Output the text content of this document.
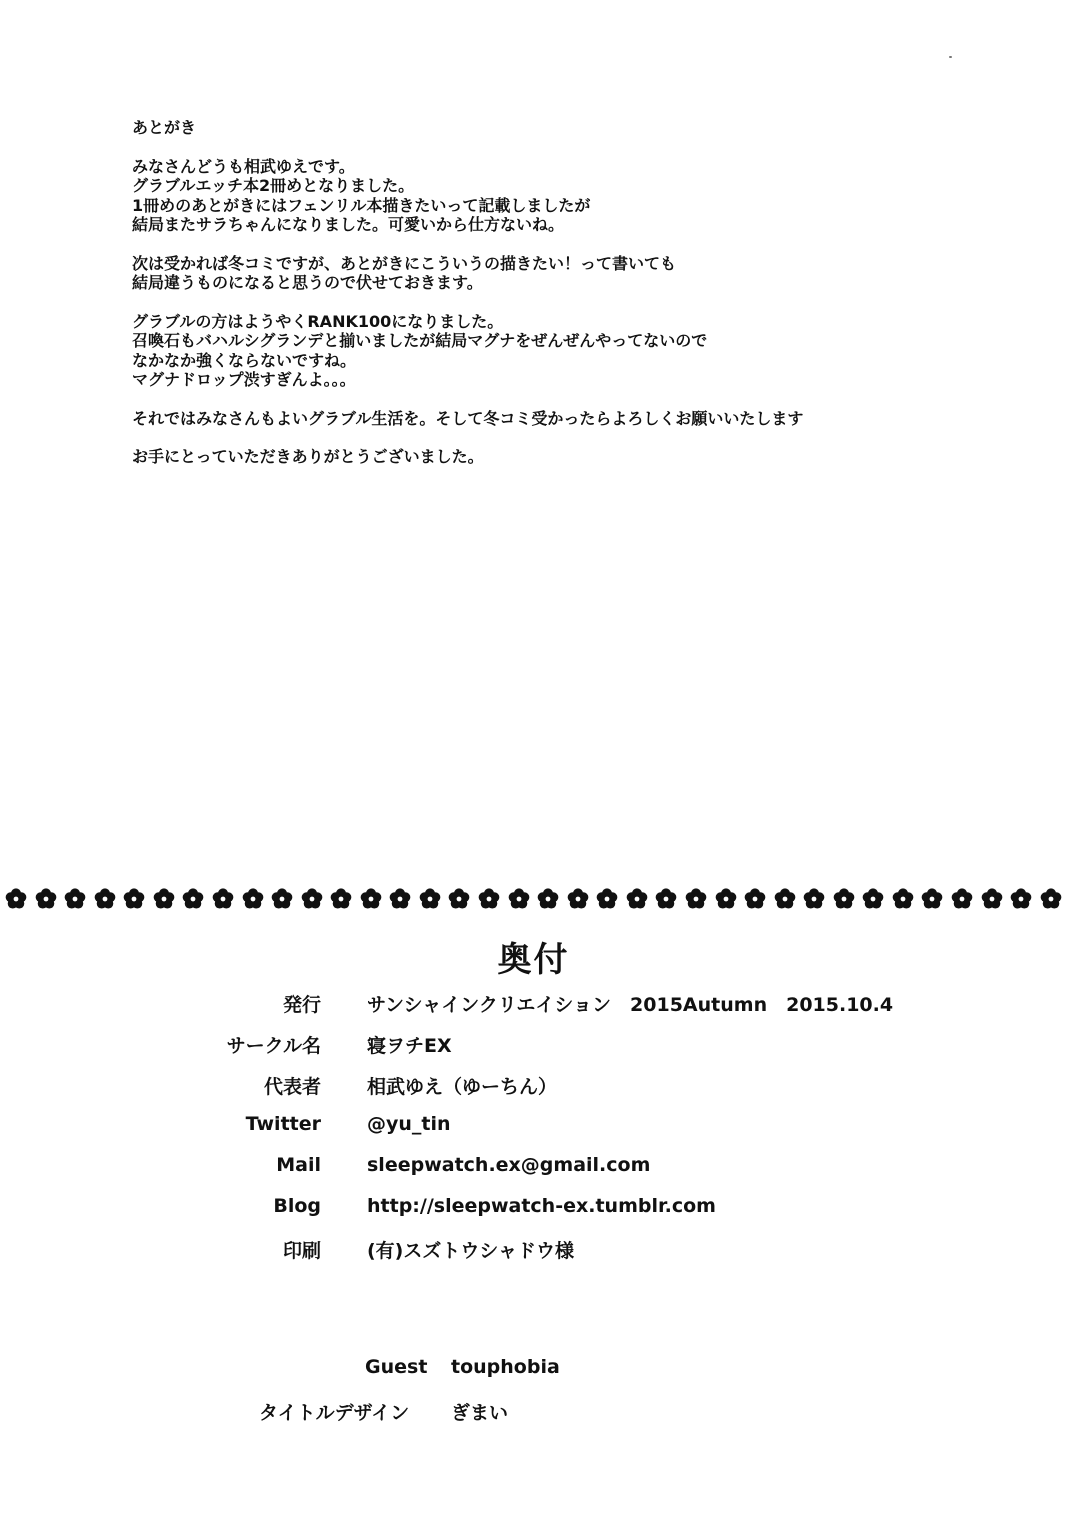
あとがき

みなさんどうも相武ゆえです。
グラブルエッチ本2冊めとなりました。
1冊めのあとがきにはフェンリル本描きたいって記載しましたが
結局またサラちゃんになりました。可愛いから仕方ないね。

次は受かれば冬コミですが、あとがきにこういうの描きたい！って書いても
結局違うものになると思うので伏せておきます。

グラブルの方はようやくRANK100になりました。
召喚石もバハルシグランデと揃いましたが結局マグナをぜんぜんやってないので
なかなか強くならないですね。
マグナドロップ渋すぎんよ。。。

それではみなさんもよいグラブル生活を。そして冬コミ受かったらよろしくお願いいたします

お手にとっていただきありがとうございました。

奥付
発行 サンシャインクリエイション　2015Autumn　2015.10.4
サークル名 寝ヲチEX
代表者 相武ゆえ（ゆーちん）
Twitter @yu_tin
Mail sleepwatch.ex@gmail.com
Blog http://sleepwatch-ex.tumblr.com
印刷 (有)スズトウシャドウ様
Guest touphobia
タイトルデザイン ぎまい
